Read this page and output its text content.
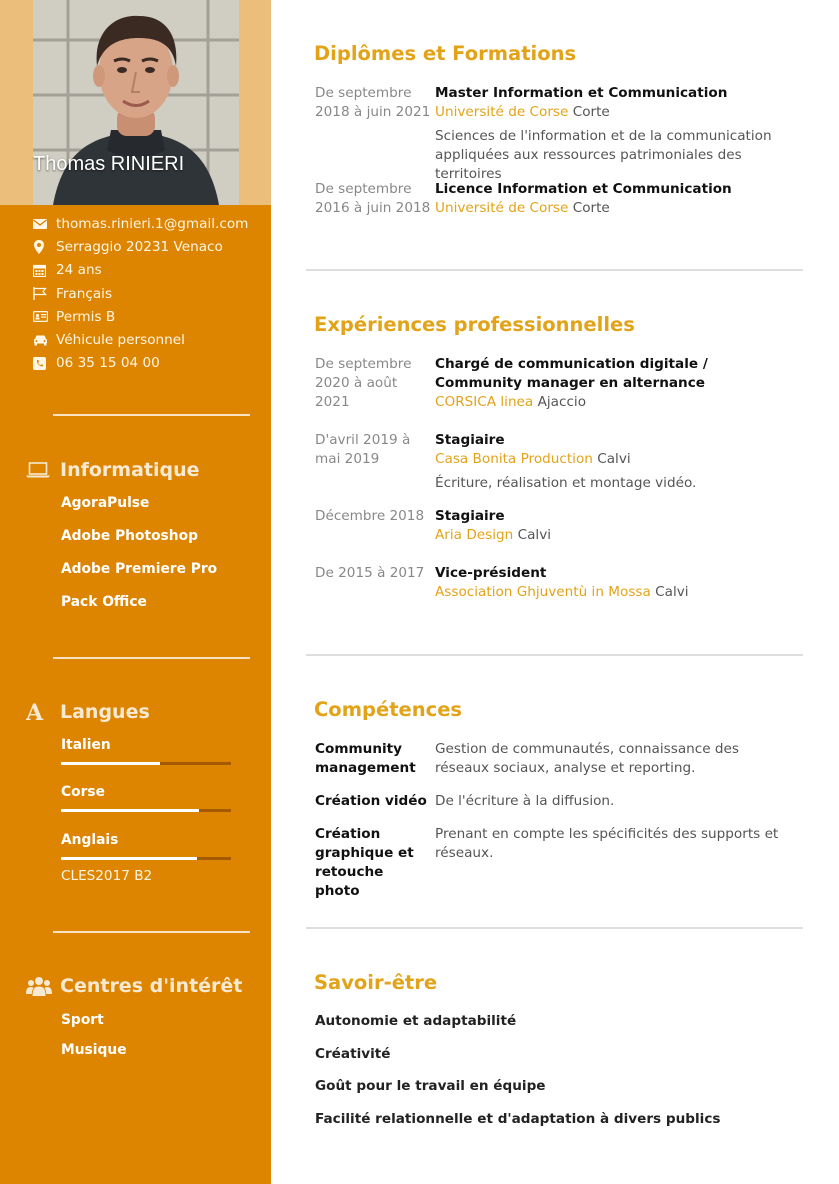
Thomas RINIERI
thomas.rinieri.1@gmail.com
Serraggio 20231 Venaco
24 ans
Français
Permis B
Véhicule personnel
06 35 15 04 00
Informatique
AgoraPulse
Adobe Photoshop
Adobe Premiere Pro
Pack Office
A Langues
Italien
Corse
Anglais
CLES2017 B2
Centres d'intérêt
Sport
Musique
Diplômes et Formations
De septembre 2018 à juin 2021
Master Information et Communication
Université de Corse Corte
Sciences de l'information et de la communication appliquées aux ressources patrimoniales des territoires
De septembre 2016 à juin 2018
Licence Information et Communication
Université de Corse Corte
Expériences professionnelles
De septembre 2020 à août 2021
Chargé de communication digitale / Community manager en alternance
CORSICA linea Ajaccio
D'avril 2019 à mai 2019
Stagiaire
Casa Bonita Production Calvi
Écriture, réalisation et montage vidéo.
Décembre 2018 Stagiaire
Aria Design Calvi
De 2015 à 2017 Vice-président
Association Ghjuventù in Mossa Calvi
Compétences
Community management
Gestion de communautés, connaissance des réseaux sociaux, analyse et reporting.
Création vidéo De l'écriture à la diffusion.
Création graphique et retouche photo
Prenant en compte les spécificités des supports et réseaux.
Savoir-être
Autonomie et adaptabilité
Créativité
Goût pour le travail en équipe
Facilité relationnelle et d'adaptation à divers publics
